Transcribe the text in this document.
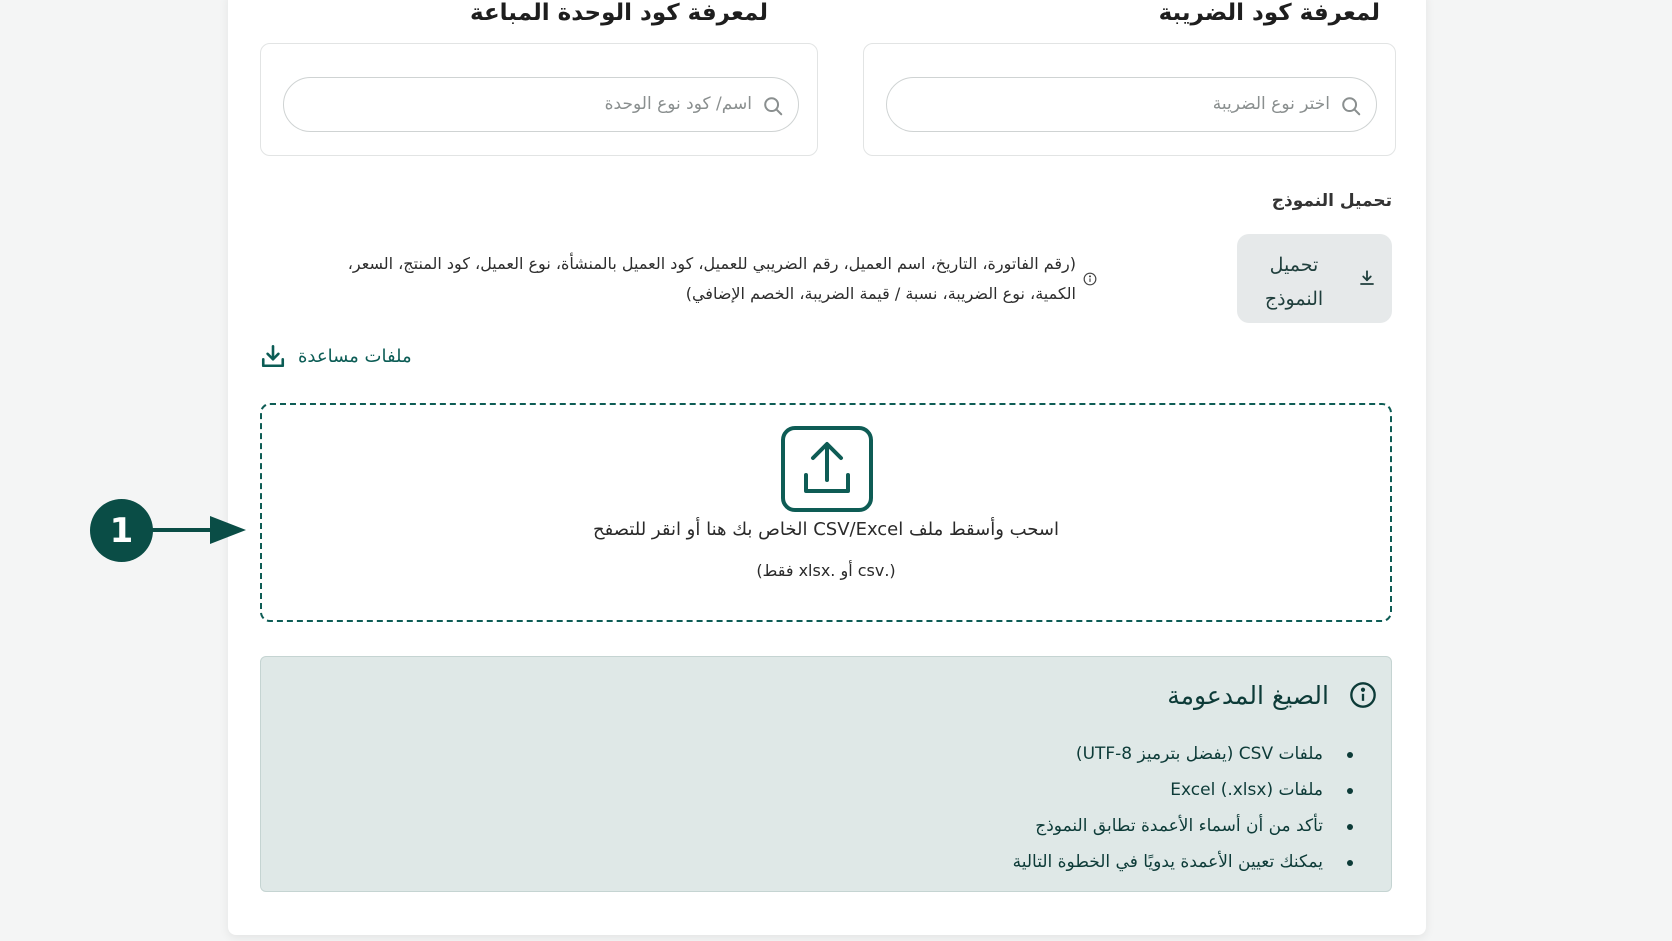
لمعرفة كود الضريبة
اختر نوع الضريبة
لمعرفة كود الوحدة المباعة
اسم/ كود نوع الوحدة
تحميل النموذج
تحميل النموذج
(رقم الفاتورة، التاريخ، اسم العميل، رقم الضريبي للعميل، كود العميل بالمنشأة، نوع العميل، كود المنتج، السعر،
الكمية، نوع الضريبة، نسبة / قيمة الضريبة، الخصم الإضافي)
ملفات مساعدة
اسحب وأسقط ملف CSV/Excel الخاص بك هنا أو انقر للتصفح
(.csv أو .xlsx فقط)
الصيغ المدعومة
ملفات CSV (يفضل بترميز UTF-8)
ملفات Excel (.xlsx)
تأكد من أن أسماء الأعمدة تطابق النموذج
يمكنك تعيين الأعمدة يدويًا في الخطوة التالية
1
